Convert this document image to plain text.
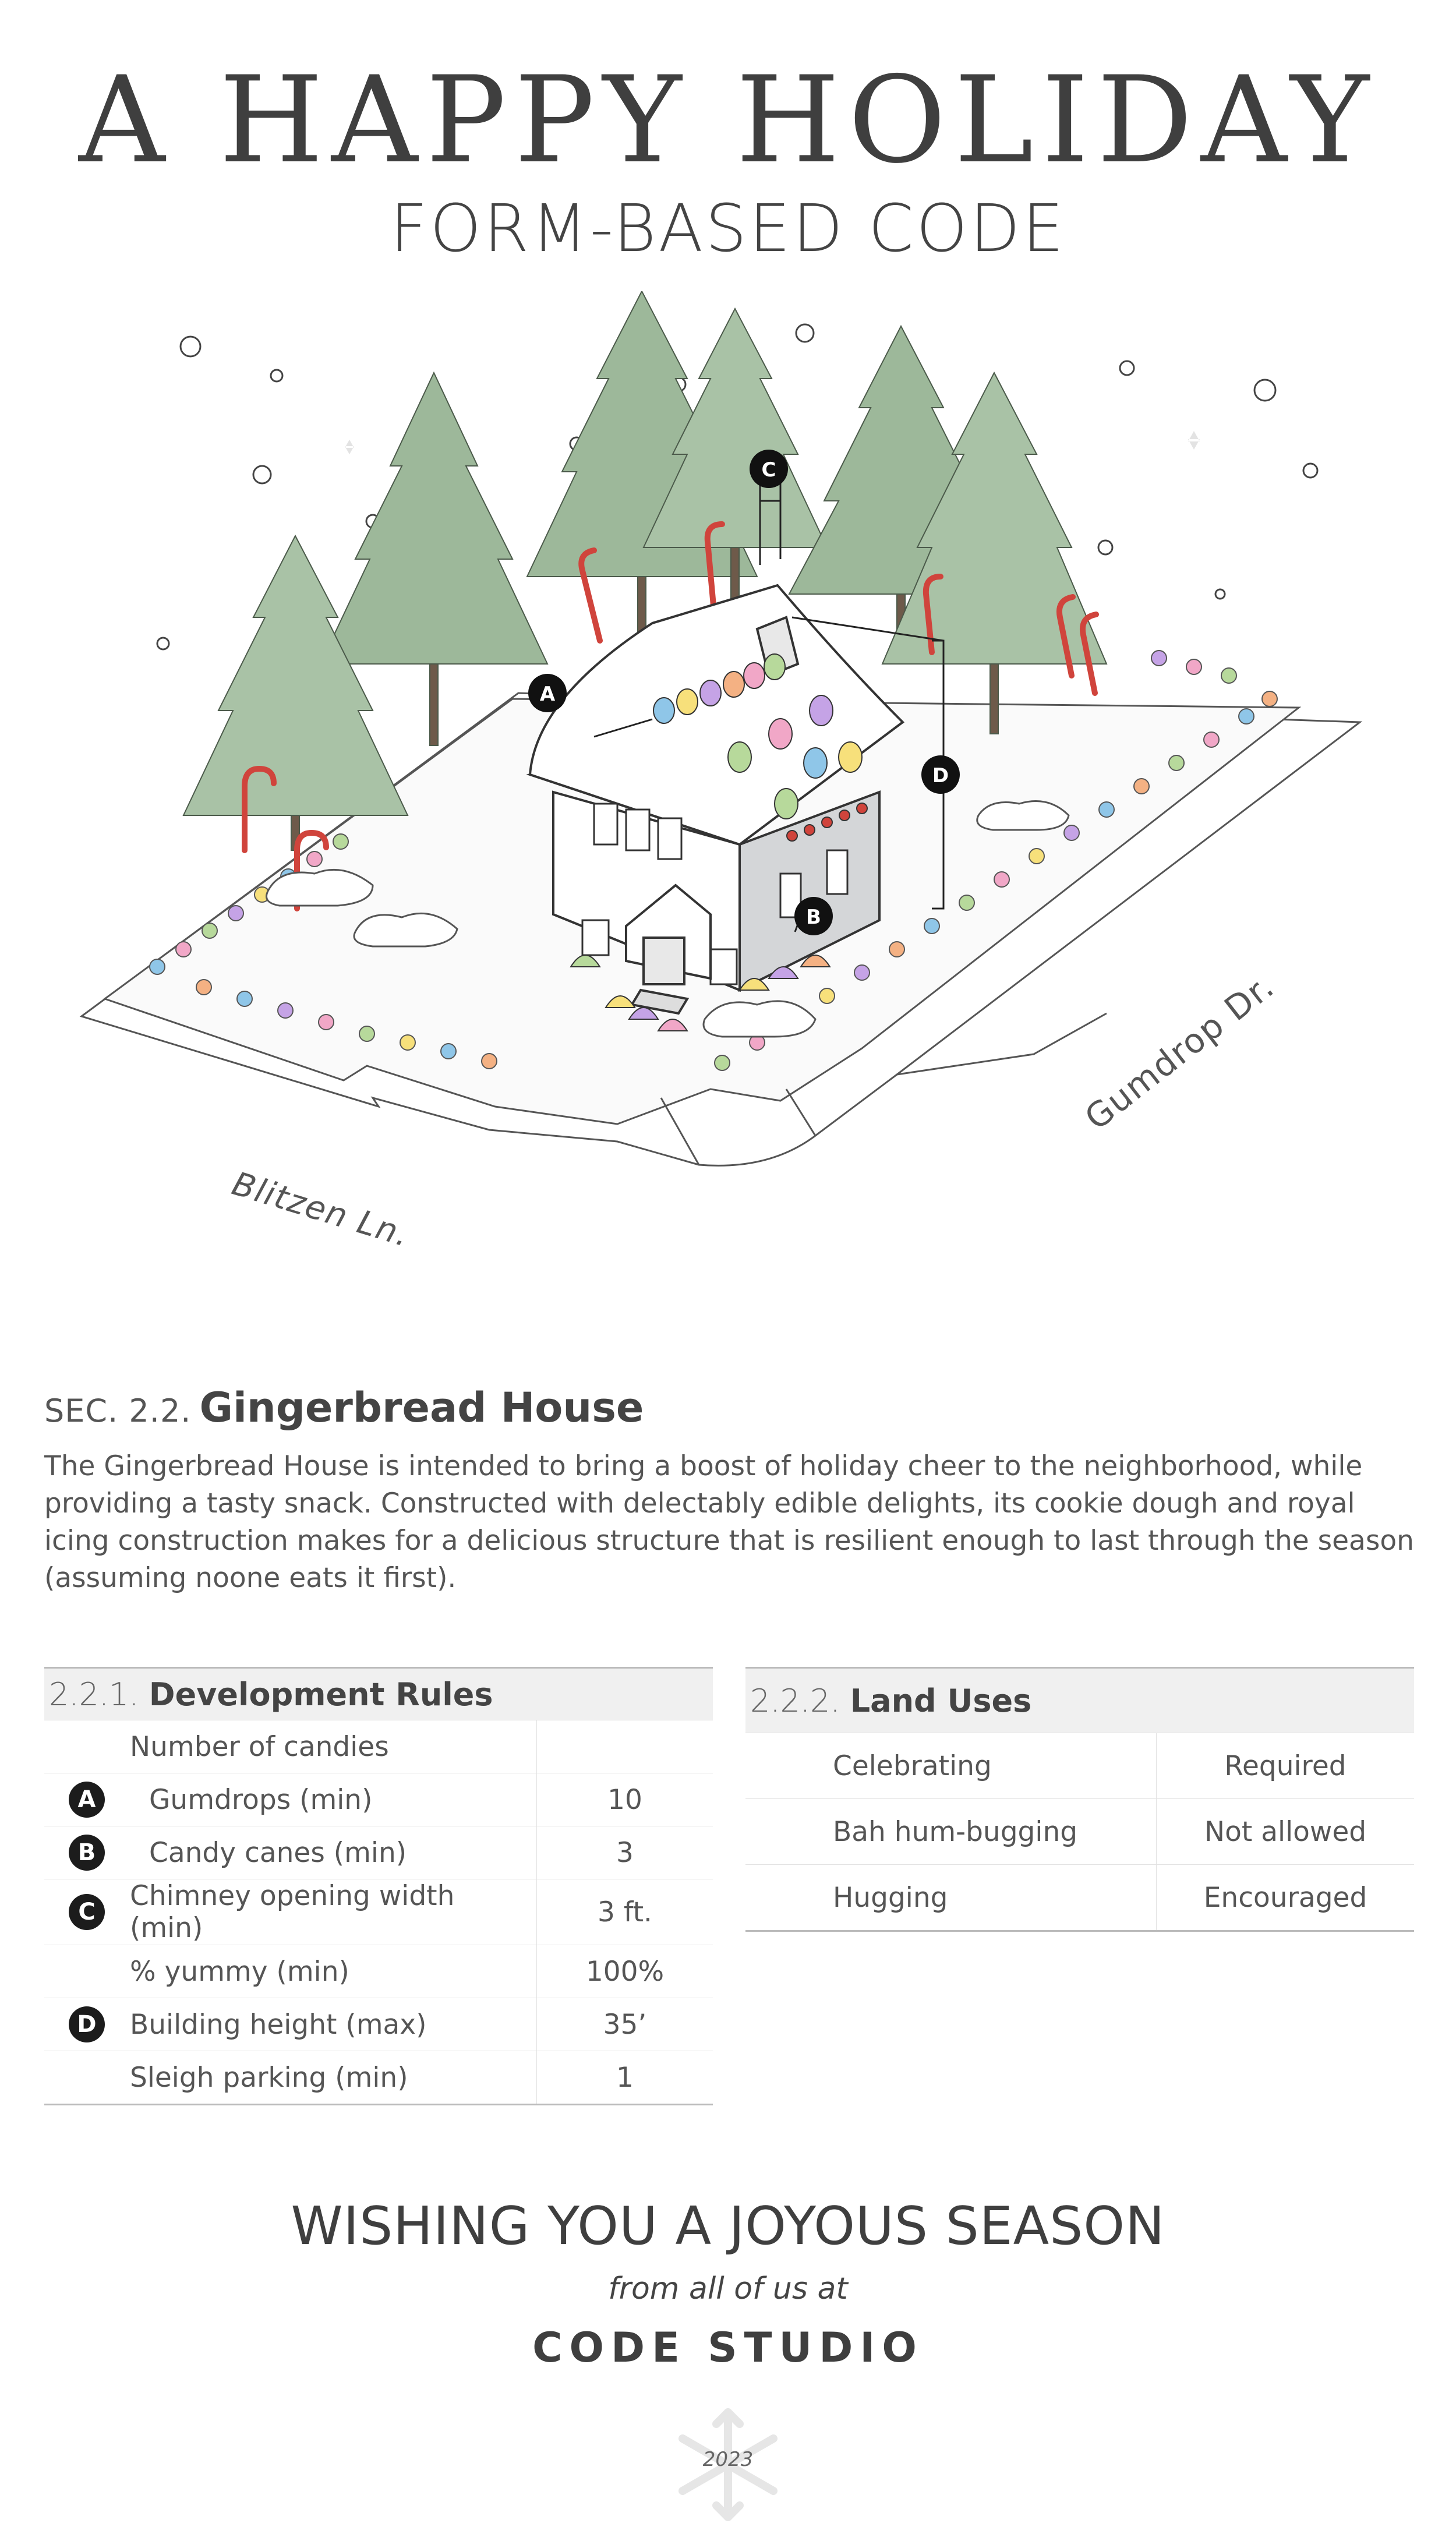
A HAPPY HOLIDAY
FORM-BASED CODE
A
B
C
D
Blitzen Ln.
Gumdrop Dr.
SEC. 2.2. Gingerbread House
The Gingerbread House is intended to bring a boost of holiday cheer to the neighborhood, while providing a tasty snack. Constructed with delectably edible delights, its cookie dough and royal icing construction makes for a delicious structure that is resilient enough to last through the season (assuming noone eats it first).
2.2.1. Development Rules		
	Number of candies	
A	Gumdrops (min)	10
B	Candy canes (min)	3
C	Chimney opening width (min)	3 ft.
	% yummy (min)	100%
D	Building height (max)	35’
	Sleigh parking (min)	1
2.2.2. Land Uses	
Celebrating	Required
Bah hum-bugging	Not allowed
Hugging	Encouraged
WISHING YOU A JOYOUS SEASON
from all of us at
CODE STUDIO
2023
